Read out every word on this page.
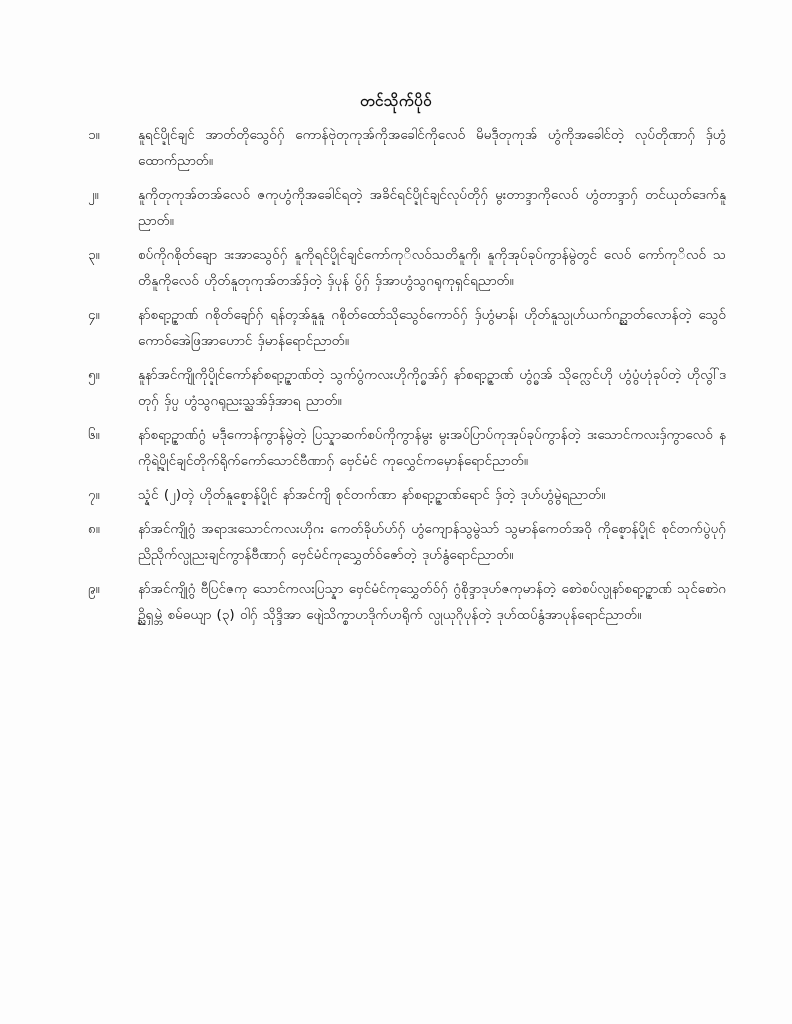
တင်သိုက်ပိုဝ်
၁။	နူရင်ပ္ဍိုင်ချင် အာတ်တိုသွေဝ်ဂှ် ကောန်ဗုဲတုကုအ်ကိုအခေါင်ကိုလေဝ် မိမဒဵုတုကုအ် ဟွံကိုအခေါင်တဲ့ လုပ်တိုဏာဂှ် ဒှ်ဟွံထောက်ညာတ်။
၂။	နူကိုတုကုအ်တအ်လေဝ် ဇကုဟွံကိုအခေါင်ရတဲ့ အခိင်ရင်ပ္ဍိုင်ချင်လုပ်တိုဂှ် မွးတာဒ္ဒာကိုလေဝ် ဟွံတာဒ္ဒာဂှ် တင်ယုတ်ဒေက်နူညာတ်။
၃။	စပ်ကိုဂစိုတ်ချော ဒးအာသွေဝ်ဂှ် နူကိုရင်ပ္ဍိုင်ချင်ကော်ကုိလဝ်သတိနူကို၊ နူကိုအုပ်ခုပ်ကွာန်မွဲတွင် လေဝ် ကော်ကုိလဝ် သတိနူကိုလေဝ် ဟိုတ်နူတုကုအ်တအ်ဒှ်တဲ့ ဒှ်ပုန် ပွ်ဂှ် ဒှ်အာဟွံသွဂရုကုရှင်ရညာတ်။
၄။	နာ်စရာ့ဥ္ဇာဏ် ဂစိုတ်ချော်ဂှ် ရန်တ္ၚအ်နူနူ ဂစိုတ်ထော်သိုသွေဝ်ကောဝ်ဂှ် ဒှ်ဟွံမာန်၊ ဟိုတ်နူသ္ပုဟ်ယက်ဂဥ္ညာတ်လောန်တဲ့ သွေဝ်ကောဝ်အေဲဖြအာဟောင် ဒှ်မာန်ရောင်ညာတ်။
၅။	နူနာ်အင်ကျိုကိုပ္ဍိုင်ကော်နာ်စရာ့ဥ္ဇာဏ်တဲ့ သွက်ပွံကလးဟိုကိုဂ္ဓအ်ဂှ် နာ်စရာ့ဥ္ဇာဏ် ဟွံဂ္ဓအ် သိုက္လေင်ဟို ဟွံပွံဟုံခုပ်တဲ့ ဟိုလွါ်ဒတုဂှ် ဒှ်ပ္ပ ဟွံသွဂရုညးသ္ညအ်ဒှ်အာရ ညာတ်။
၆။	နာ်စရာ့ဥ္ဇာဏ်ဂွံ မဒဵုကောန်ကွာန်မွဲတဲ့ ပြသ္နာဆက်စပ်ကိုကွာန်မွး မွးအပ်ပြာပ်ကုအုပ်ခုပ်ကွာန်တဲ့ ဒးသောင်ကလးဒှ်ကွာလေဝ် နကိုရဲ့ပ္ဍိုင်ချင်တိုက်ရိုက်ကော်သောင်ဗီဏာဂှ် ဗှေင်မံင် ကုလွှေင်ကမှောန်ရောင်ညာတ်။
၇။	သ္နံင် (၂)တ္ၚဲ ဟိုတ်နူစ္ဍောန်ပ္ဍိုင် နာ်အင်ကျိ စုင်တက်ဏာ နာ်စရာ့ဥ္ဇာဏ်ရောင် ဒှ်တဲ့ ဒုဟ်ဟွံမွဲရညာတ်။
၈။	နာ်အင်ကျိုဂွံ အရာဒးသောင်ကလးဟိုဂး ကေတ်ခိုဟ်ဟ်ဂှ် ဟွံကျောန်သွမွဲသာ် သွမာန်ကေတ်အဝို ကိုစ္ဍောန်ပ္ဍိုင် စုင်တက်ပွဲပုဂှ် ညိညိုက်လ္ပုညးချင်ကွာန်ဗီဏာဂှ် ဗှေင်မံင်ကုသွှေတ်ဝ်ဇော်တဲ့ ဒုဟ်နွံရောင်ညာတ်။
၉။	နာ်အင်ကျိုဂွံ ဗီပြင်ဇကု သောင်ကလးပြသ္နာ ဗှေင်မံင်ကုသွှေတ်ဝ်ဂှ် ဂွံစိုဒ္ဒာဒုဟ်ဇကုမာန်တဲ့ စောဲစပ်လ္ပုနာ်စရာ့ဥ္ဇာဏ် သုင်စောဲဂဥ္ညိရှမ္ဘဲ စမ်ဓယျာ (၃) ဝါဂှ် သိုဒ္ဒိအာ ဖျေဲသိက္စာဟဒိုက်ဟရိုက် လ္ပုယုဂိုပုန်တဲ့ ဒုဟ်ထပ်နွံအာပုန်ရောင်ညာတ်။
